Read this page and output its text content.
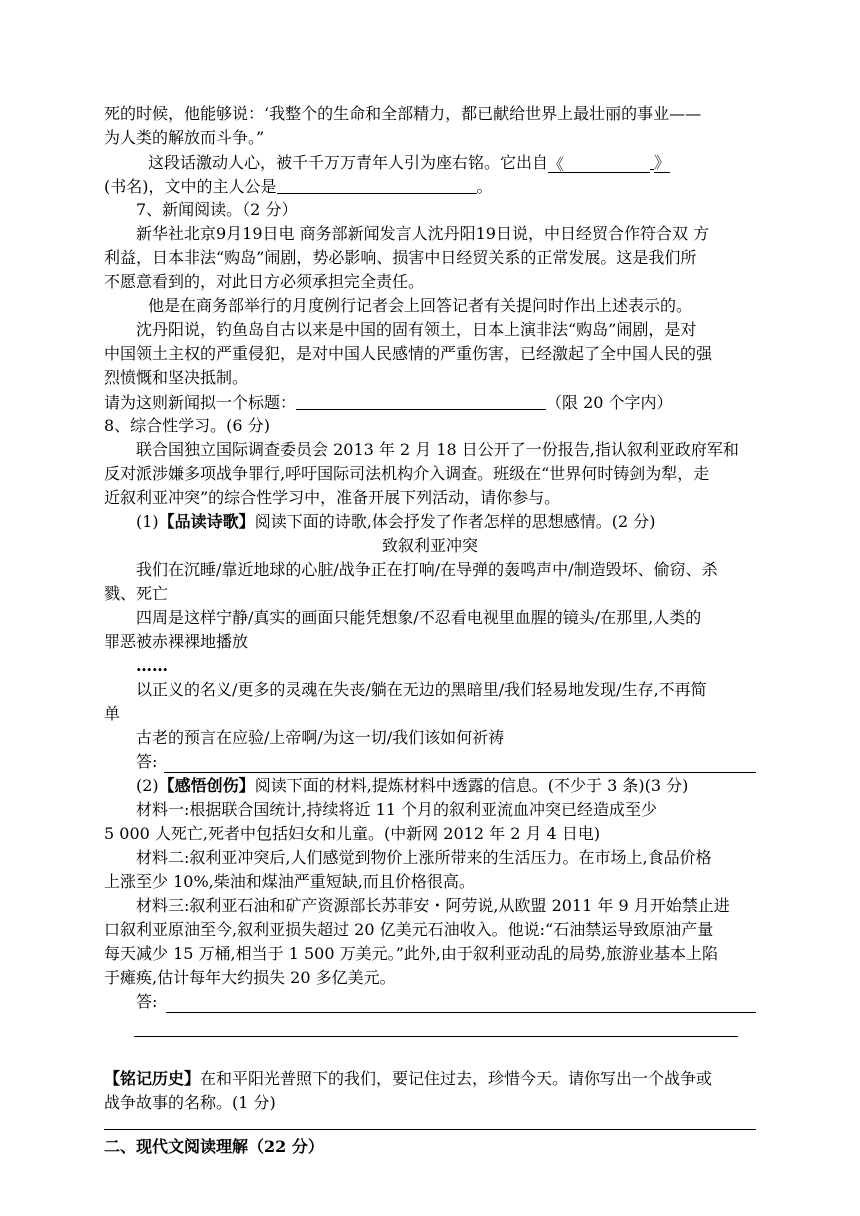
死的时候，他能够说：‘我整个的生命和全部精力，都已献给世界上最壮丽的事业——
为人类的解放而斗争。”
这段话激动人心，被千千万万青年人引为座右铭。它出自《	》
(书名)，文中的主人公是	。
7、新闻阅读。（2 分）
新华社北京9月19日电 商务部新闻发言人沈丹阳19日说，中日经贸合作符合双 方
利益，日本非法“购岛”闹剧，势必影响、损害中日经贸关系的正常发展。这是我们所
不愿意看到的，对此日方必须承担完全责任。
他是在商务部举行的月度例行记者会上回答记者有关提问时作出上述表示的。
沈丹阳说，钓鱼岛自古以来是中国的固有领土，日本上演非法“购岛”闹剧，是对
中国领土主权的严重侵犯，是对中国人民感情的严重伤害，已经激起了全中国人民的强
烈愤慨和坚决抵制。
请为这则新闻拟一个标题：	（限 20 个字内）
8、综合性学习。(6 分)
联合国独立国际调查委员会 2013 年 2 月 18 日公开了一份报告,指认叙利亚政府军和
反对派涉嫌多项战争罪行,呼吁国际司法机构介入调查。班级在“世界何时铸剑为犁，走
近叙利亚冲突”的综合性学习中，准备开展下列活动，请你参与。
(1)【品读诗歌】阅读下面的诗歌,体会抒发了作者怎样的思想感情。(2 分)
致叙利亚冲突
我们在沉睡/靠近地球的心脏/战争正在打响/在导弹的轰鸣声中/制造毁坏、偷窃、杀
戮、死亡
四周是这样宁静/真实的画面只能凭想象/不忍看电视里血腥的镜头/在那里,人类的
罪恶被赤裸裸地播放
……
以正义的名义/更多的灵魂在失丧/躺在无边的黑暗里/我们轻易地发现/生存,不再简
单
古老的预言在应验/上帝啊/为这一切/我们该如何祈祷
答:
(2)【感悟创伤】阅读下面的材料,提炼材料中透露的信息。(不少于 3 条)(3 分)
材料一:根据联合国统计,持续将近 11 个月的叙利亚流血冲突已经造成至少
5 000 人死亡,死者中包括妇女和儿童。(中新网 2012 年 2 月 4 日电)
材料二:叙利亚冲突后,人们感觉到物价上涨所带来的生活压力。在市场上,食品价格
上涨至少 10%,柴油和煤油严重短缺,而且价格很高。
材料三:叙利亚石油和矿产资源部长苏菲安・阿劳说,从欧盟 2011 年 9 月开始禁止进
口叙利亚原油至今,叙利亚损失超过 20 亿美元石油收入。他说:“石油禁运导致原油产量
每天减少 15 万桶,相当于 1 500 万美元。”此外,由于叙利亚动乱的局势,旅游业基本上陷
于瘫痪,估计每年大约损失 20 多亿美元。
答:
【铭记历史】在和平阳光普照下的我们，要记住过去，珍惜今天。请你写出一个战争或
战争故事的名称。(1 分)
二、现代文阅读理解（22 分）
